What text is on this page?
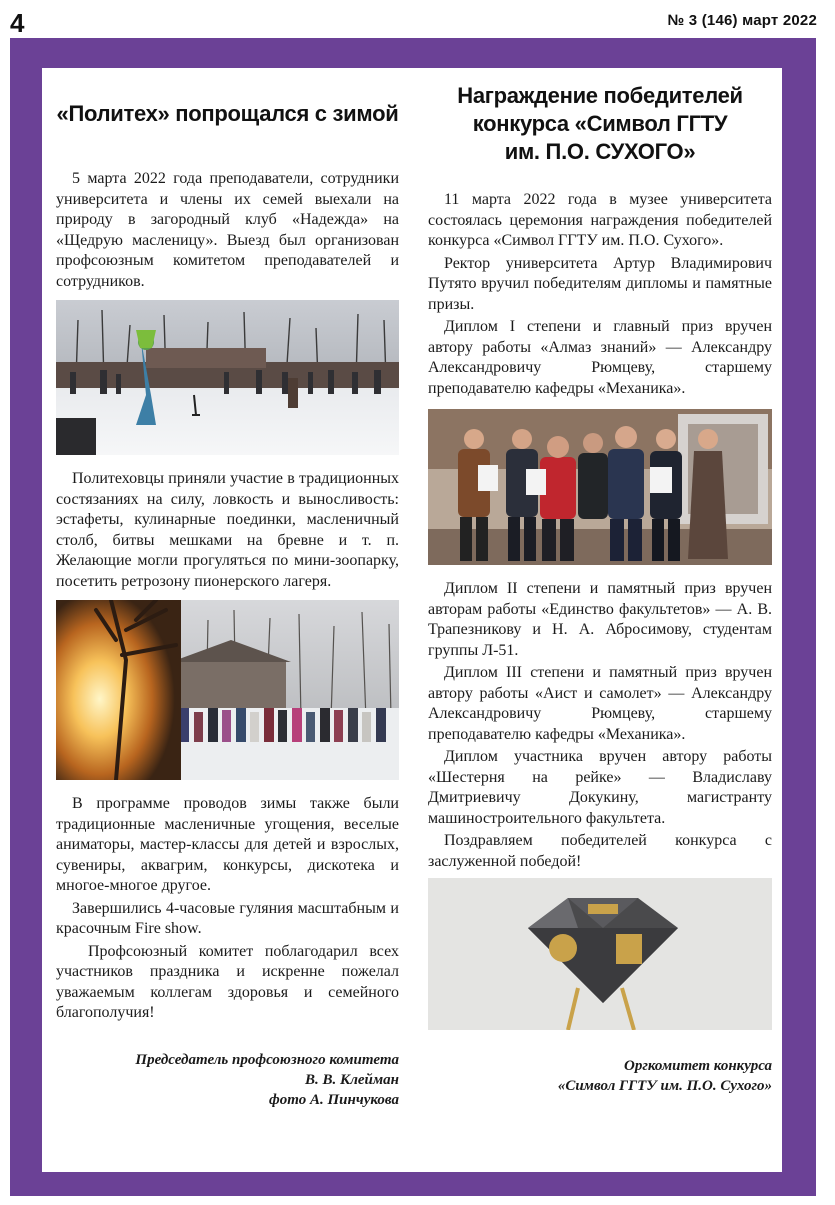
4	№ 3 (146) март 2022
«Политех» попрощался с зимой

5 марта 2022 года преподаватели, сотрудники университета и члены их семей выехали на природу в загородный клуб «Надежда» на «Щедрую масленицу». Выезд был организован профсоюзным комитетом преподавателей и сотрудников.

Политеховцы приняли участие в традиционных состязаниях на силу, ловкость и выносливость: эстафеты, кулинарные поединки, масленичный столб, битвы мешками на бревне и т. п. Желающие могли прогуляться по мини-зоопарку, посетить ретрозону пионерского лагеря.

В программе проводов зимы также были традиционные масленичные угощения, веселые аниматоры, мастер-классы для детей и взрослых, сувениры, аквагрим, конкурсы, дискотека и многое-многое другое.

Завершились 4-часовые гуляния масштабным и красочным Fire show.

Профсоюзный комитет поблагодарил всех участников праздника и искренне пожелал уважаемым коллегам здоровья и семейного благополучия!

Председатель профсоюзного комитета
В. В. Клейман
фото А. Пинчукова
Награждение победителей
конкурса «Символ ГГТУ
им. П.О. СУХОГО»

11 марта 2022 года в музее университета состоялась церемония награждения победителей конкурса «Символ ГГТУ им. П.О. Сухого».

Ректор университета Артур Владимирович Путято вручил победителям дипломы и памятные призы.

Диплом I степени и главный приз вручен автору работы «Алмаз знаний» — Александру Александровичу Рюмцеву, старшему преподавателю кафедры «Механика».

Диплом II степени и памятный приз вручен авторам работы «Единство факультетов» — А. В. Трапезникову и Н. А. Абросимову, студентам группы Л-51.

Диплом III степени и памятный приз вручен автору работы «Аист и самолет» — Александру Александровичу Рюмцеву, старшему преподавателю кафедры «Механика».

Диплом участника вручен автору работы «Шестерня на рейке» — Владиславу Дмитриевичу Докукину, магистранту машиностроительного факультета.

Поздравляем победителей конкурса с заслуженной победой!

Оргкомитет конкурса
«Символ ГГТУ им. П.О. Сухого»
